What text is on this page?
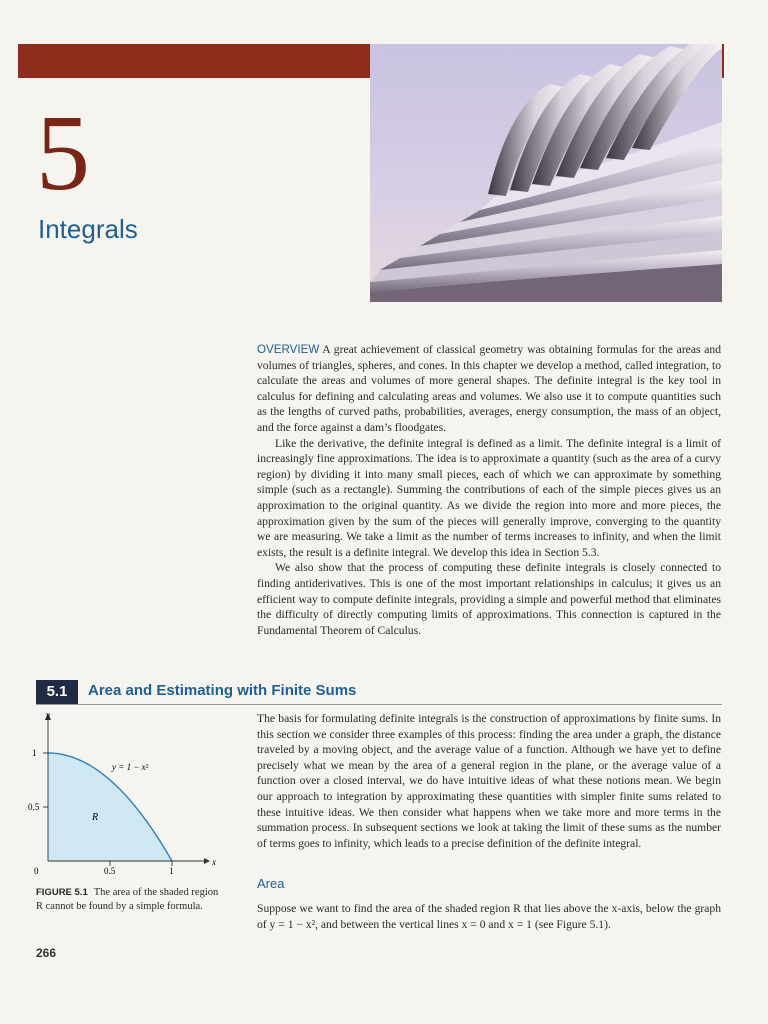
5
Integrals

OVERVIEW A great achievement of classical geometry was obtaining formulas for the areas and volumes of triangles, spheres, and cones. In this chapter we develop a method, called integration, to calculate the areas and volumes of more general shapes. The definite integral is the key tool in calculus for defining and calculating areas and volumes. We also use it to compute quantities such as the lengths of curved paths, probabilities, averages, energy consumption, the mass of an object, and the force against a dam’s floodgates.

Like the derivative, the definite integral is defined as a limit. The definite integral is a limit of increasingly fine approximations. The idea is to approximate a quantity (such as the area of a curvy region) by dividing it into many small pieces, each of which we can approximate by something simple (such as a rectangle). Summing the contributions of each of the simple pieces gives us an approximation to the original quantity. As we divide the region into more and more pieces, the approximation given by the sum of the pieces will generally improve, converging to the quantity we are measuring. We take a limit as the number of terms increases to infinity, and when the limit exists, the result is a definite integral. We develop this idea in Section 5.3.

We also show that the process of computing these definite integrals is closely connected to finding antiderivatives. This is one of the most important relationships in calculus; it gives us an efficient way to compute definite integrals, providing a simple and powerful method that eliminates the difficulty of directly computing limits of approximations. This connection is captured in the Fundamental Theorem of Calculus.

5.1	Area and Estimating with Finite Sums
y
x
1
0.5
0	0.5	1
y = 1 − x²
R
FIGURE 5.1 The area of the shaded region R cannot be found by a simple formula.

The basis for formulating definite integrals is the construction of approximations by finite sums. In this section we consider three examples of this process: finding the area under a graph, the distance traveled by a moving object, and the average value of a function. Although we have yet to define precisely what we mean by the area of a general region in the plane, or the average value of a function over a closed interval, we do have intuitive ideas of what these notions mean. We begin our approach to integration by approximating these quantities with simpler finite sums related to these intuitive ideas. We then consider what happens when we take more and more terms in the summation process. In subsequent sections we look at taking the limit of these sums as the number of terms goes to infinity, which leads to a precise definition of the definite integral.

Area

Suppose we want to find the area of the shaded region R that lies above the x-axis, below the graph of y = 1 − x², and between the vertical lines x = 0 and x = 1 (see Figure 5.1).

266
